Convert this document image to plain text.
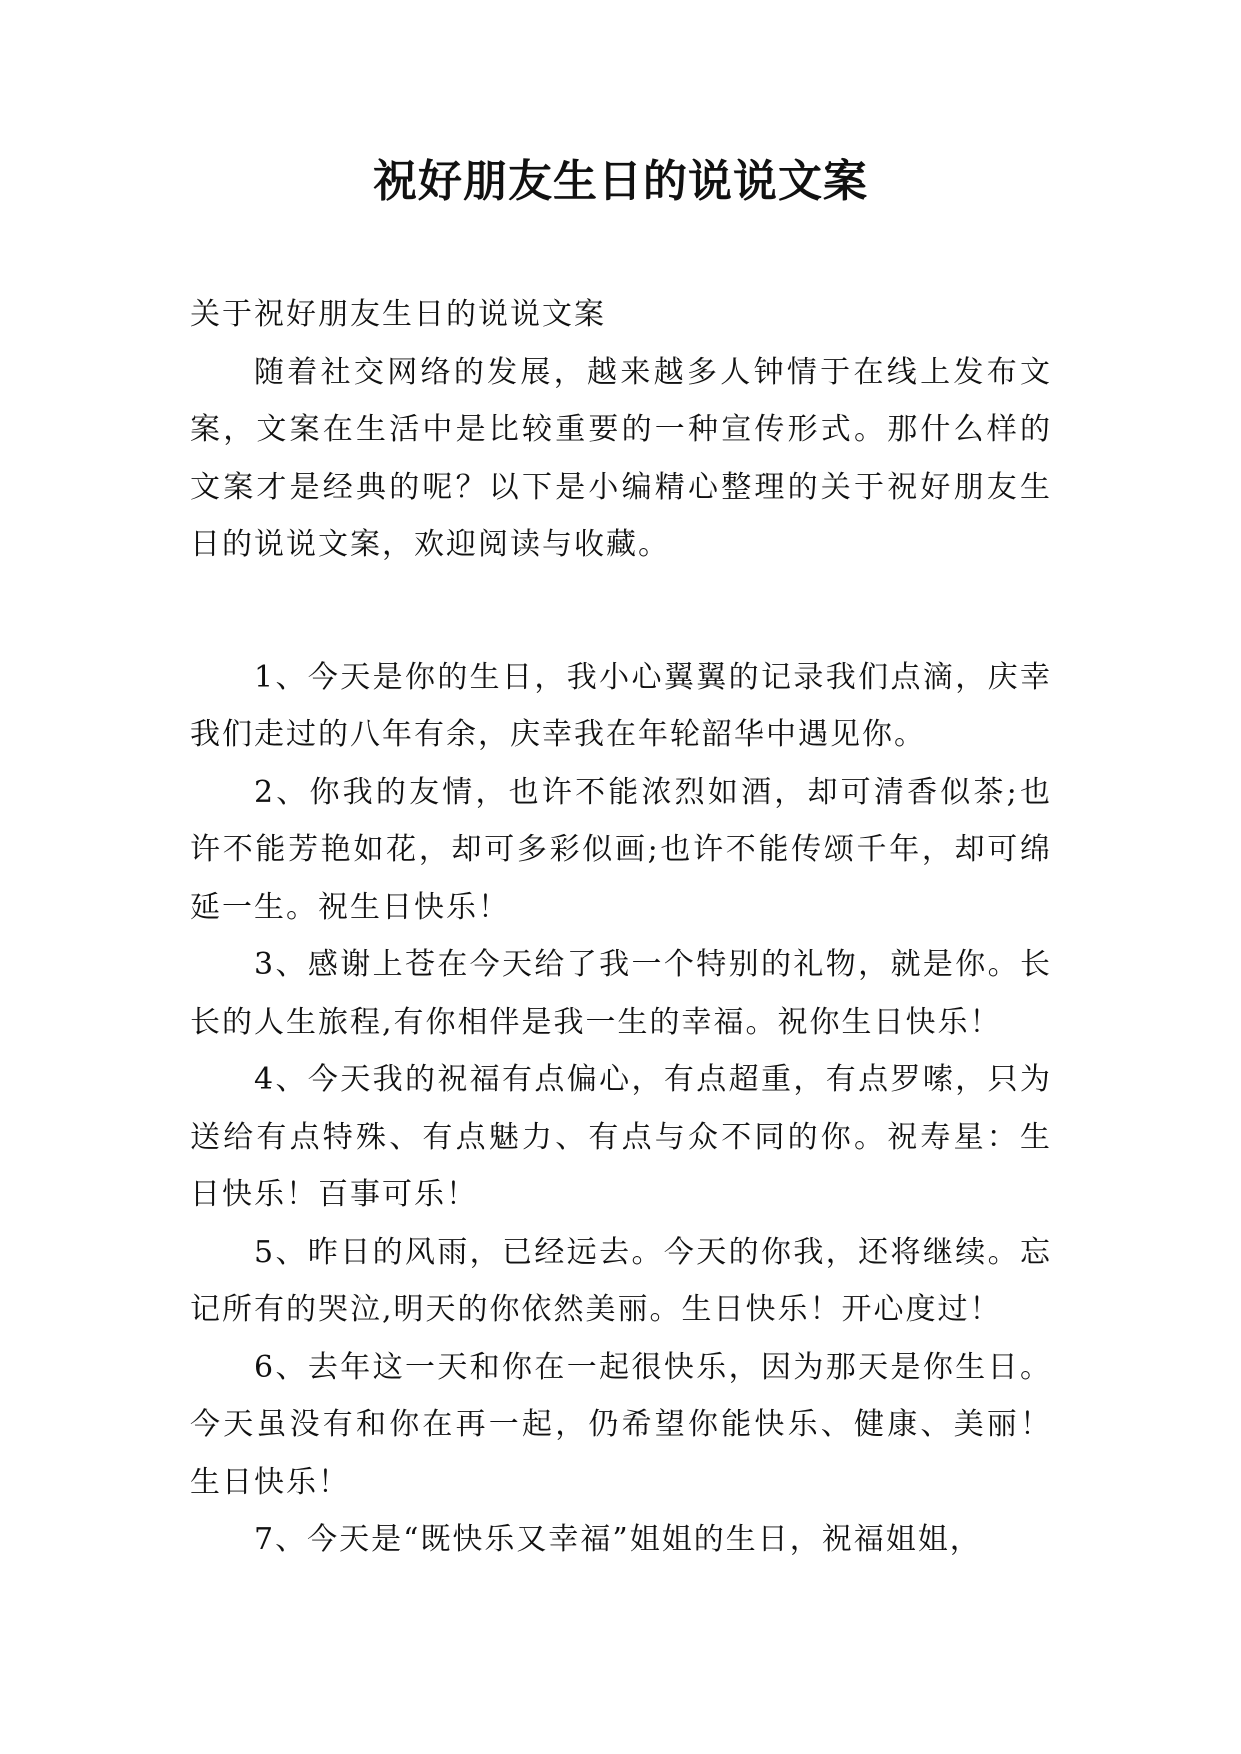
祝好朋友生日的说说文案

关于祝好朋友生日的说说文案

随着社交网络的发展，越来越多人钟情于在线上发布文案，文案在生活中是比较重要的一种宣传形式。那什么样的文案才是经典的呢？以下是小编精心整理的关于祝好朋友生日的说说文案，欢迎阅读与收藏。

1、今天是你的生日，我小心翼翼的记录我们点滴，庆幸我们走过的八年有余，庆幸我在年轮韶华中遇见你。

2、你我的友情，也许不能浓烈如酒，却可清香似茶;也许不能芳艳如花，却可多彩似画;也许不能传颂千年，却可绵延一生。祝生日快乐！

3、感谢上苍在今天给了我一个特别的礼物，就是你。长长的人生旅程,有你相伴是我一生的幸福。祝你生日快乐！

4、今天我的祝福有点偏心，有点超重，有点罗嗦，只为送给有点特殊、有点魅力、有点与众不同的你。祝寿星：生日快乐！百事可乐！

5、昨日的风雨，已经远去。今天的你我，还将继续。忘记所有的哭泣,明天的你依然美丽。生日快乐！开心度过！

6、去年这一天和你在一起很快乐，因为那天是你生日。今天虽没有和你在再一起，仍希望你能快乐、健康、美丽！生日快乐！

7、今天是“既快乐又幸福”姐姐的生日，祝福姐姐，
